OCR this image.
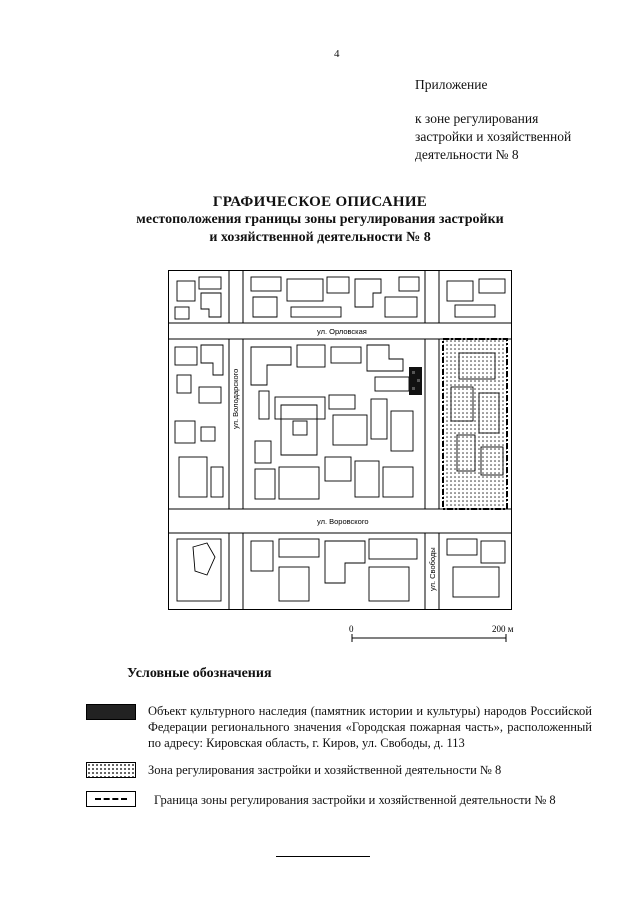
4
Приложение
к зоне регулирования
застройки и хозяйственной
деятельности № 8
ГРАФИЧЕСКОЕ ОПИСАНИЕ
местоположения границы зоны регулирования застройки
и хозяйственной деятельности № 8
ул. Орловская
ул. Воровского
ул. Володарского
ул. Свободы
0	200 м
Условные обозначения
Объект культурного наследия (памятник истории и культуры) народов Российской Федерации регионального значения «Городская пожарная часть», расположенный по адресу: Кировская область, г. Киров, ул. Свободы, д. 113
Зона регулирования застройки и хозяйственной деятельности № 8
Граница зоны регулирования застройки и хозяйственной деятельности № 8
